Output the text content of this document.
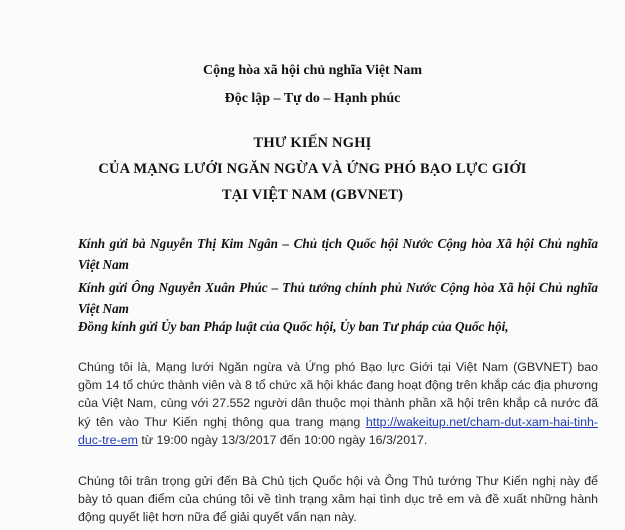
Cộng hòa xã hội chủ nghĩa Việt Nam
Độc lập – Tự do – Hạnh phúc
THƯ KIẾN NGHỊ
CỦA MẠNG LƯỚI NGĂN NGỪA VÀ ỨNG PHÓ BẠO LỰC GIỚI
TẠI VIỆT NAM (GBVNET)
Kính gửi bà Nguyễn Thị Kim Ngân – Chủ tịch Quốc hội Nước Cộng hòa Xã hội Chủ nghĩa Việt Nam
Kính gửi Ông Nguyễn Xuân Phúc – Thủ tướng chính phủ Nước Cộng hòa Xã hội Chủ nghĩa Việt Nam
Đồng kính gửi Ủy ban Pháp luật của Quốc hội, Ủy ban Tư pháp của Quốc hội,
Chúng tôi là, Mạng lưới Ngăn ngừa và Ứng phó Bạo lực Giới tại Việt Nam (GBVNET) bao gồm 14 tổ chức thành viên và 8 tổ chức xã hội khác đang hoạt động trên khắp các địa phương của Việt Nam, cùng với 27.552 người dân thuộc mọi thành phần xã hội trên khắp cả nước đã ký tên vào Thư Kiến nghị thông qua trang mạng http://wakeitup.net/cham-dut-xam-hai-tinh-duc-tre-em từ 19:00 ngày 13/3/2017 đến 10:00 ngày 16/3/2017.
Chúng tôi trân trọng gửi đến Bà Chủ tịch Quốc hội và Ông Thủ tướng Thư Kiến nghị này để bày tỏ quan điểm của chúng tôi về tình trạng xâm hại tình dục trẻ em và đề xuất những hành động quyết liệt hơn nữa để giải quyết vấn nạn này.
